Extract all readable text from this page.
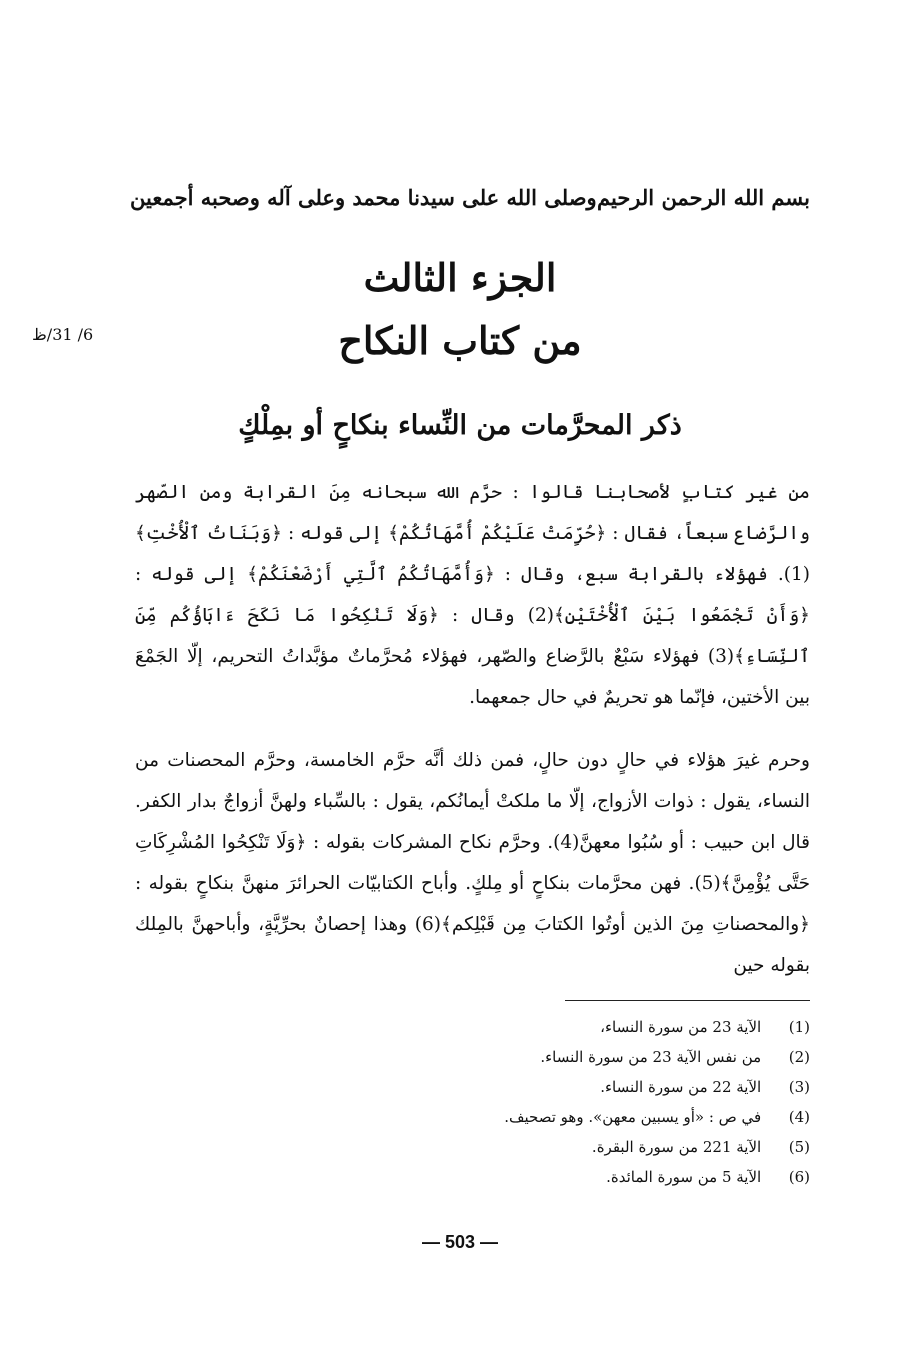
بسم الله الرحمن الرحيم
وصلى الله على سيدنا محمد وعلى آله وصحبه أجمعين
الجزء الثالث
من كتاب النكاح
6/ 31/ظ
ذكر المحرَّمات من النِّساء بنكاحٍ أو بمِلْكٍ
من غير كتابٍ لأصحابنا قالوا : حرَّم الله سبحانه مِنَ القرابة ومن الصّهر والرَّضاع سبعاً، فقال : ﴿حُرِّمَتْ عَلَيْكُمْ أُمَّهَاتُكُمْ﴾ إلى قوله : ﴿وَبَنَاتُ ٱلْأُخْتِ﴾(1). فهؤلاء بالقرابة سبع، وقال : ﴿وَأُمَّهَاتُكُمُ ٱلَّتِي أَرْضَعْنَكُمْ﴾ إلى قوله : ﴿وَأَنْ تَجْمَعُوا بَيْنَ ٱلْأُخْتَيْنِ﴾(2) وقال : ﴿وَلَا تَنْكِحُوا مَا نَكَحَ ءَابَاؤُكُم مِّنَ ٱلنِّسَاءِ﴾(3) فهؤلاء سَبْعٌ بالرَّضاع والصّهر، فهؤلاء مُحرَّماتٌ مؤبَّداتُ التحريم، إلّا الجَمْعَ بين الأختين، فإنّما هو تحريمٌ في حال جمعهما.
وحرم غيرَ هؤلاء في حالٍ دون حالٍ، فمن ذلك أنَّه حرَّم الخامسة، وحرَّم المحصنات من النساء، يقول : ذوات الأزواج، إلّا ما ملكتْ أيمانُكم، يقول : بالسِّباء ولهنَّ أزواجٌ بدار الكفر. قال ابن حبيب : أو سُبُوا معهنَّ(4). وحرَّم نكاح المشركات بقوله : ﴿وَلَا تَنْكِحُوا المُشْرِكَاتِ حَتَّى يُؤْمِنَّ﴾(5). فهن محرَّمات بنكاحٍ أو مِلكٍ. وأباح الكتابيّات الحرائرَ منهنَّ بنكاحٍ بقوله : ﴿والمحصناتِ مِنَ الذين أوتُوا الكتابَ مِن قَبْلِكم﴾(6) وهذا إحصانٌ بحرِّيَّةٍ، وأباحهنَّ بالمِلك بقوله حين
(1) الآية 23 من سورة النساء،
(2) من نفس الآية 23 من سورة النساء.
(3) الآية 22 من سورة النساء.
(4) في ص : «أو يسبين معهن». وهو تصحيف.
(5) الآية 221 من سورة البقرة.
(6) الآية 5 من سورة المائدة.
— 503 —
